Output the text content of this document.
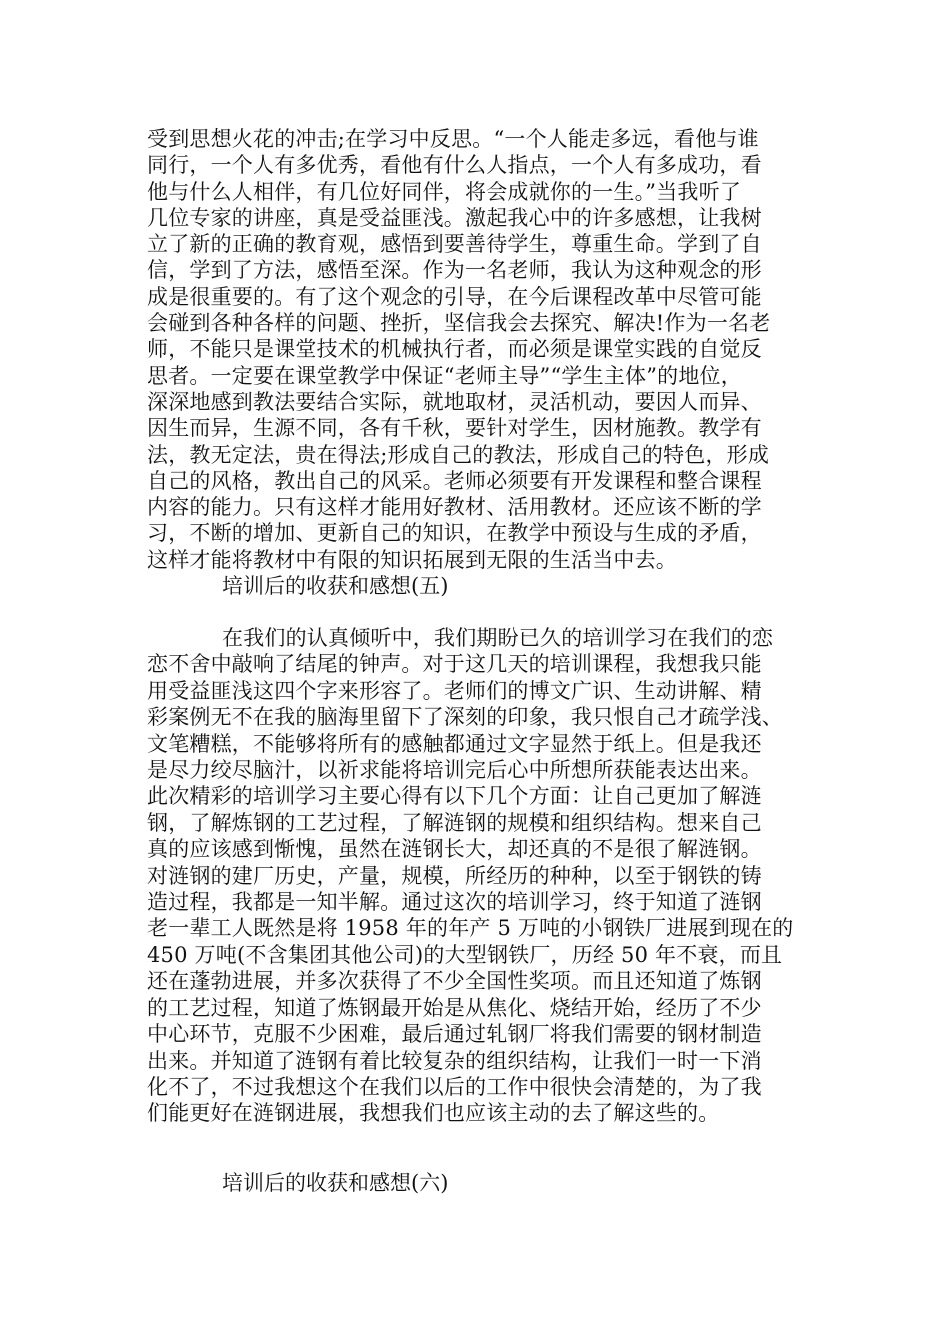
受到思想火花的冲击;在学习中反思。“一个人能走多远，看他与谁
同行，一个人有多优秀，看他有什么人指点，一个人有多成功，看
他与什么人相伴，有几位好同伴，将会成就你的一生。”当我听了
几位专家的讲座，真是受益匪浅。激起我心中的许多感想，让我树
立了新的正确的教育观，感悟到要善待学生，尊重生命。学到了自
信，学到了方法，感悟至深。作为一名老师，我认为这种观念的形
成是很重要的。有了这个观念的引导，在今后课程改革中尽管可能
会碰到各种各样的问题、挫折，坚信我会去探究、解决!作为一名老
师，不能只是课堂技术的机械执行者，而必须是课堂实践的自觉反
思者。一定要在课堂教学中保证“老师主导”“学生主体”的地位，
深深地感到教法要结合实际，就地取材，灵活机动，要因人而异、
因生而异，生源不同，各有千秋，要针对学生，因材施教。教学有
法，教无定法，贵在得法;形成自己的教法，形成自己的特色，形成
自己的风格，教出自己的风采。老师必须要有开发课程和整合课程
内容的能力。只有这样才能用好教材、活用教材。还应该不断的学
习，不断的增加、更新自己的知识，在教学中预设与生成的矛盾，
这样才能将教材中有限的知识拓展到无限的生活当中去。
培训后的收获和感想(五)
在我们的认真倾听中，我们期盼已久的培训学习在我们的恋
恋不舍中敲响了结尾的钟声。对于这几天的培训课程，我想我只能
用受益匪浅这四个字来形容了。老师们的博文广识、生动讲解、精
彩案例无不在我的脑海里留下了深刻的印象，我只恨自己才疏学浅、
文笔糟糕，不能够将所有的感触都通过文字显然于纸上。但是我还
是尽力绞尽脑汁，以祈求能将培训完后心中所想所获能表达出来。
此次精彩的培训学习主要心得有以下几个方面：让自己更加了解涟
钢，了解炼钢的工艺过程，了解涟钢的规模和组织结构。想来自己
真的应该感到惭愧，虽然在涟钢长大，却还真的不是很了解涟钢。
对涟钢的建厂历史，产量，规模，所经历的种种，以至于钢铁的铸
造过程，我都是一知半解。通过这次的培训学习，终于知道了涟钢
老一辈工人既然是将 1958 年的年产 5 万吨的小钢铁厂进展到现在的
450 万吨(不含集团其他公司)的大型钢铁厂，历经 50 年不衰，而且
还在蓬勃进展，并多次获得了不少全国性奖项。而且还知道了炼钢
的工艺过程，知道了炼钢最开始是从焦化、烧结开始，经历了不少
中心环节，克服不少困难，最后通过轧钢厂将我们需要的钢材制造
出来。并知道了涟钢有着比较复杂的组织结构，让我们一时一下消
化不了，不过我想这个在我们以后的工作中很快会清楚的，为了我
们能更好在涟钢进展，我想我们也应该主动的去了解这些的。
培训后的收获和感想(六)
